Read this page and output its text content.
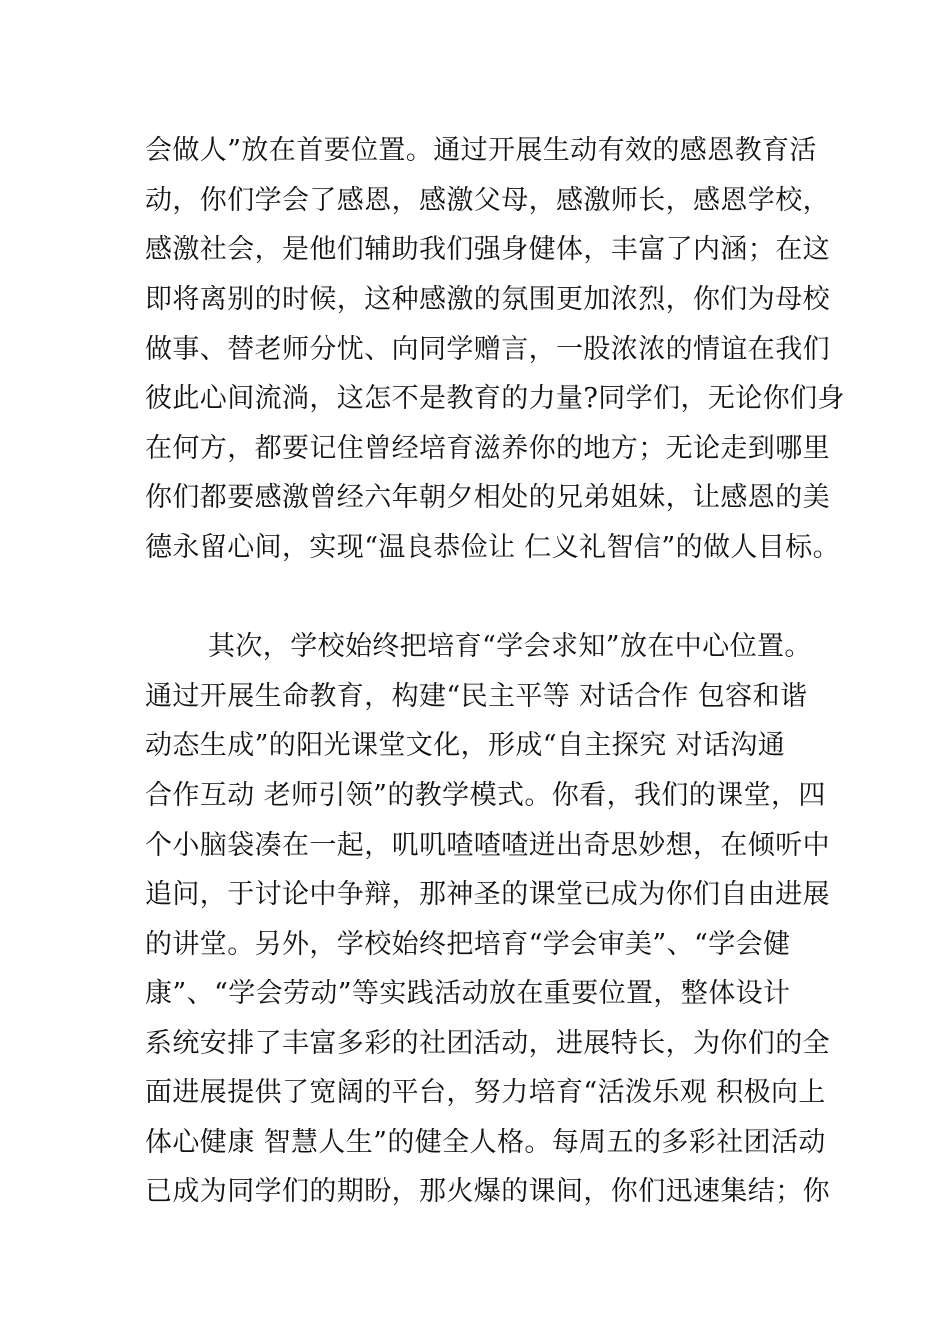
会做人”放在首要位置。通过开展生动有效的感恩教育活
动，你们学会了感恩，感激父母，感激师长，感恩学校，
感激社会，是他们辅助我们强身健体，丰富了内涵；在这
即将离别的时候，这种感激的氛围更加浓烈，你们为母校
做事、替老师分忧、向同学赠言，一股浓浓的情谊在我们
彼此心间流淌，这怎不是教育的力量?同学们，无论你们身
在何方，都要记住曾经培育滋养你的地方；无论走到哪里
你们都要感激曾经六年朝夕相处的兄弟姐妹，让感恩的美
德永留心间，实现“温良恭俭让 仁义礼智信”的做人目标。
其次，学校始终把培育“学会求知”放在中心位置。
通过开展生命教育，构建“民主平等 对话合作 包容和谐
动态生成”的阳光课堂文化，形成“自主探究 对话沟通
合作互动 老师引领”的教学模式。你看，我们的课堂，四
个小脑袋凑在一起，叽叽喳喳喳迸出奇思妙想，在倾听中
追问，于讨论中争辩，那神圣的课堂已成为你们自由进展
的讲堂。另外，学校始终把培育“学会审美”、“学会健
康”、“学会劳动”等实践活动放在重要位置，整体设计
系统安排了丰富多彩的社团活动，进展特长，为你们的全
面进展提供了宽阔的平台，努力培育“活泼乐观 积极向上
体心健康 智慧人生”的健全人格。每周五的多彩社团活动
已成为同学们的期盼，那火爆的课间，你们迅速集结；你
